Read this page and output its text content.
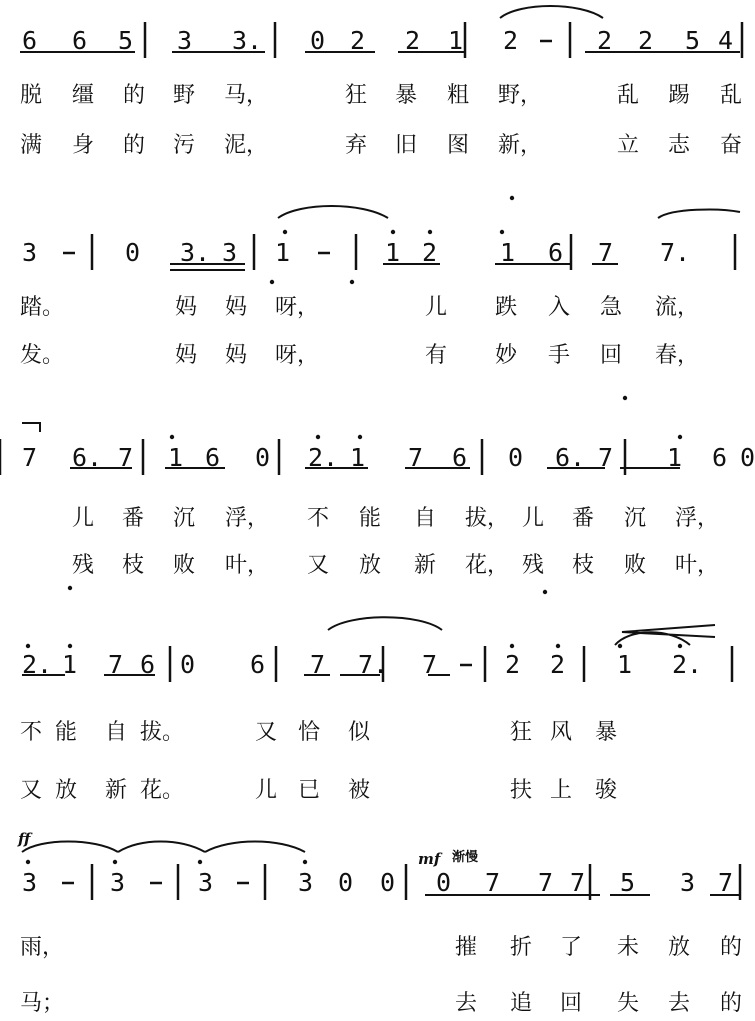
6 6 5 3 3. 0 2 2 1 2	2 2 5 4
脱 缰 的 野 马，	狂 暴 粗 野，	乱 踢 乱
满 身 的 污 泥，	弃 旧 图 新，	立 志 奋
3	0 3. 3 1	1 2	1 6 7 7.
踏。	妈 妈 呀，	儿 跌 入 急 流，
发。	妈 妈 呀，	有 妙 手 回 春，
7 6. 7 1 6 0 2. 1 7 6 0 6. 7 1 6 0
儿 番 沉 浮， 不 能 自 拔， 儿 番 沉 浮，
残 枝 败 叶， 又 放 新 花， 残 枝 败 叶，
2. 1 7 6 0 6 7 7. 7	2 2 1 2.
不 能 自 拔。	又 恰 似	狂 风 暴
又 放 新 花。	儿 已 被	扶 上 骏
3	3	3	3 0 0 0 7 7 7 5 3 7
雨，	摧 折 了 未 放 的
马；	去 追 回 失 去 的
ff
mf 渐慢
